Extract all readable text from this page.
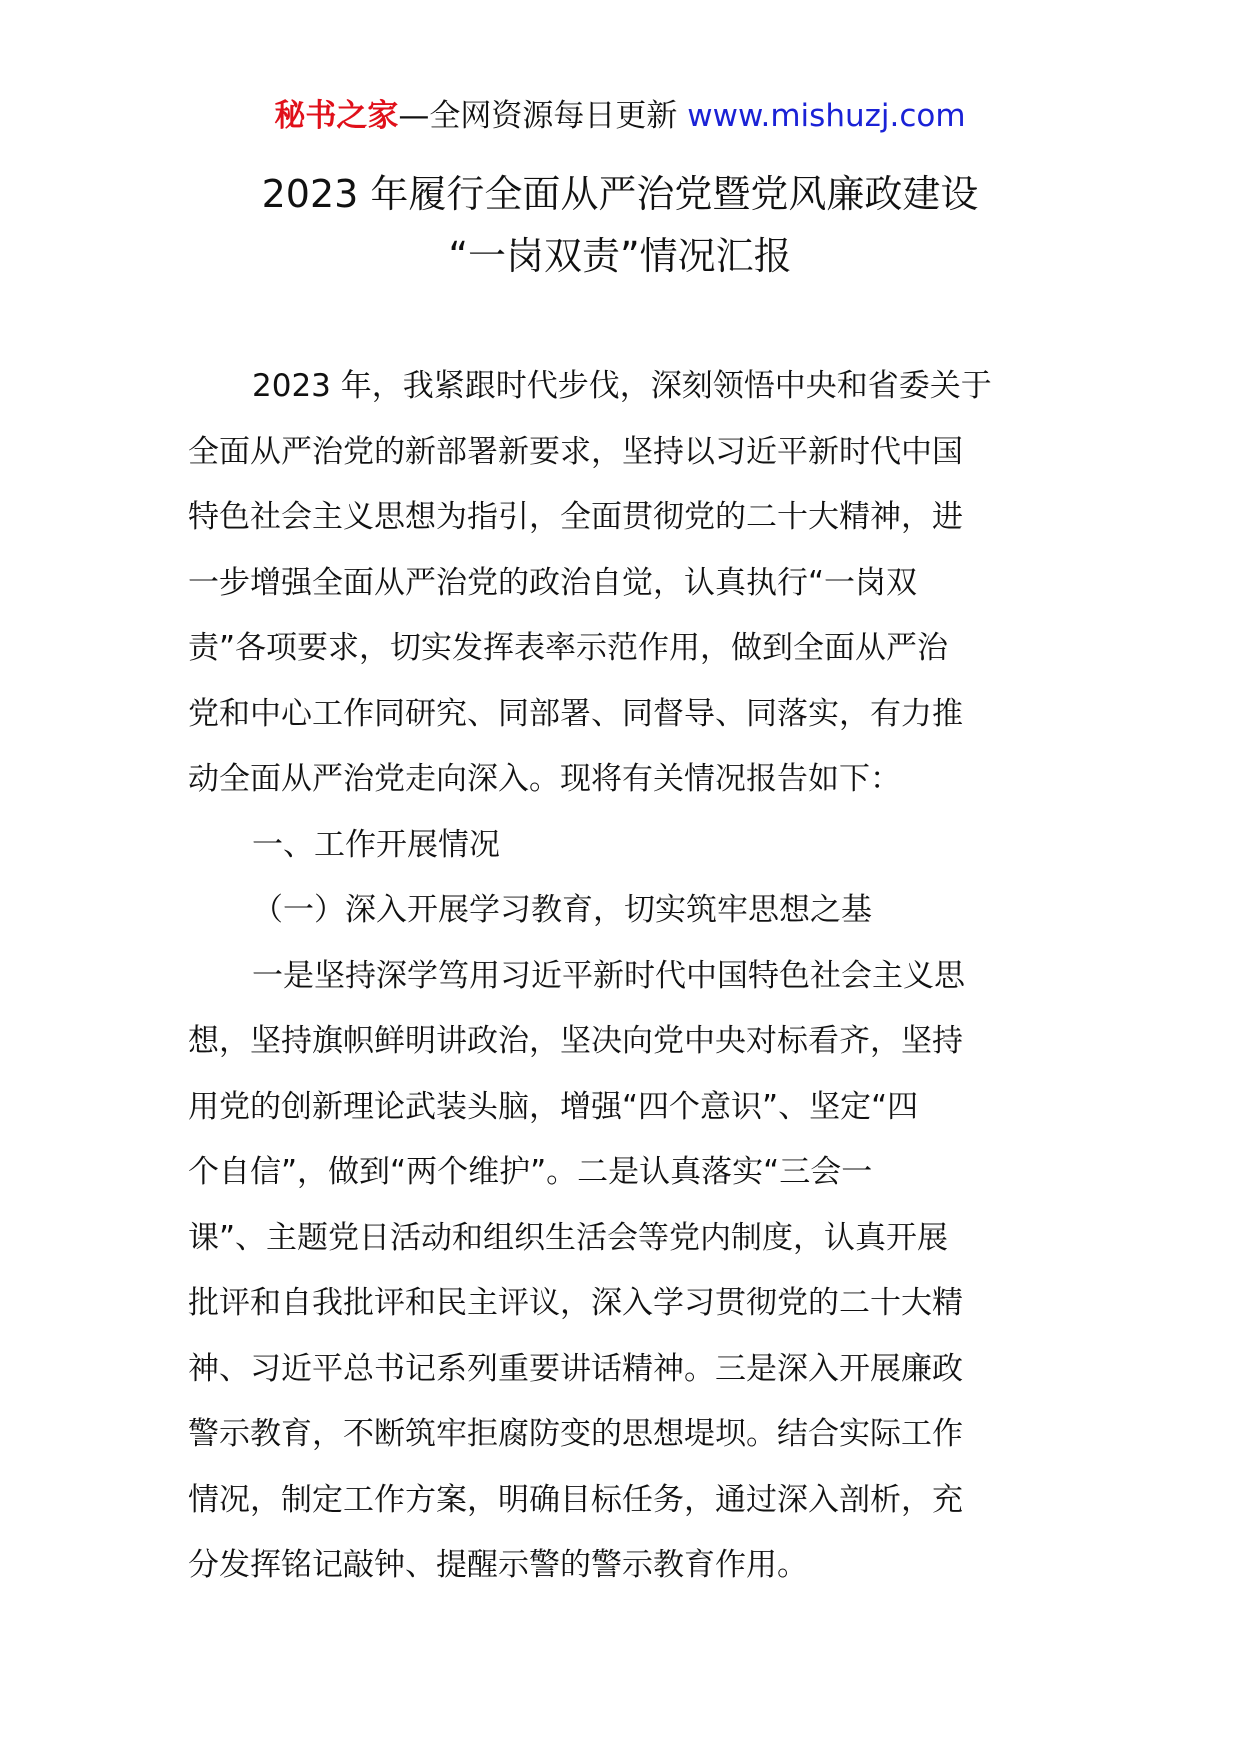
秘书之家—全网资源每日更新 www.mishuzj.com
2023 年履行全面从严治党暨党风廉政建设
“一岗双责”情况汇报
2023 年，我紧跟时代步伐，深刻领悟中央和省委关于
全面从严治党的新部署新要求，坚持以习近平新时代中国
特色社会主义思想为指引，全面贯彻党的二十大精神，进
一步增强全面从严治党的政治自觉，认真执行“一岗双
责”各项要求，切实发挥表率示范作用，做到全面从严治
党和中心工作同研究、同部署、同督导、同落实，有力推
动全面从严治党走向深入。现将有关情况报告如下：
一、工作开展情况
（一）深入开展学习教育，切实筑牢思想之基
一是坚持深学笃用习近平新时代中国特色社会主义思
想，坚持旗帜鲜明讲政治，坚决向党中央对标看齐，坚持
用党的创新理论武装头脑，增强“四个意识”、坚定“四
个自信”，做到“两个维护”。二是认真落实“三会一
课”、主题党日活动和组织生活会等党内制度，认真开展
批评和自我批评和民主评议，深入学习贯彻党的二十大精
神、习近平总书记系列重要讲话精神。三是深入开展廉政
警示教育，不断筑牢拒腐防变的思想堤坝。结合实际工作
情况，制定工作方案，明确目标任务，通过深入剖析，充
分发挥铭记敲钟、提醒示警的警示教育作用。
